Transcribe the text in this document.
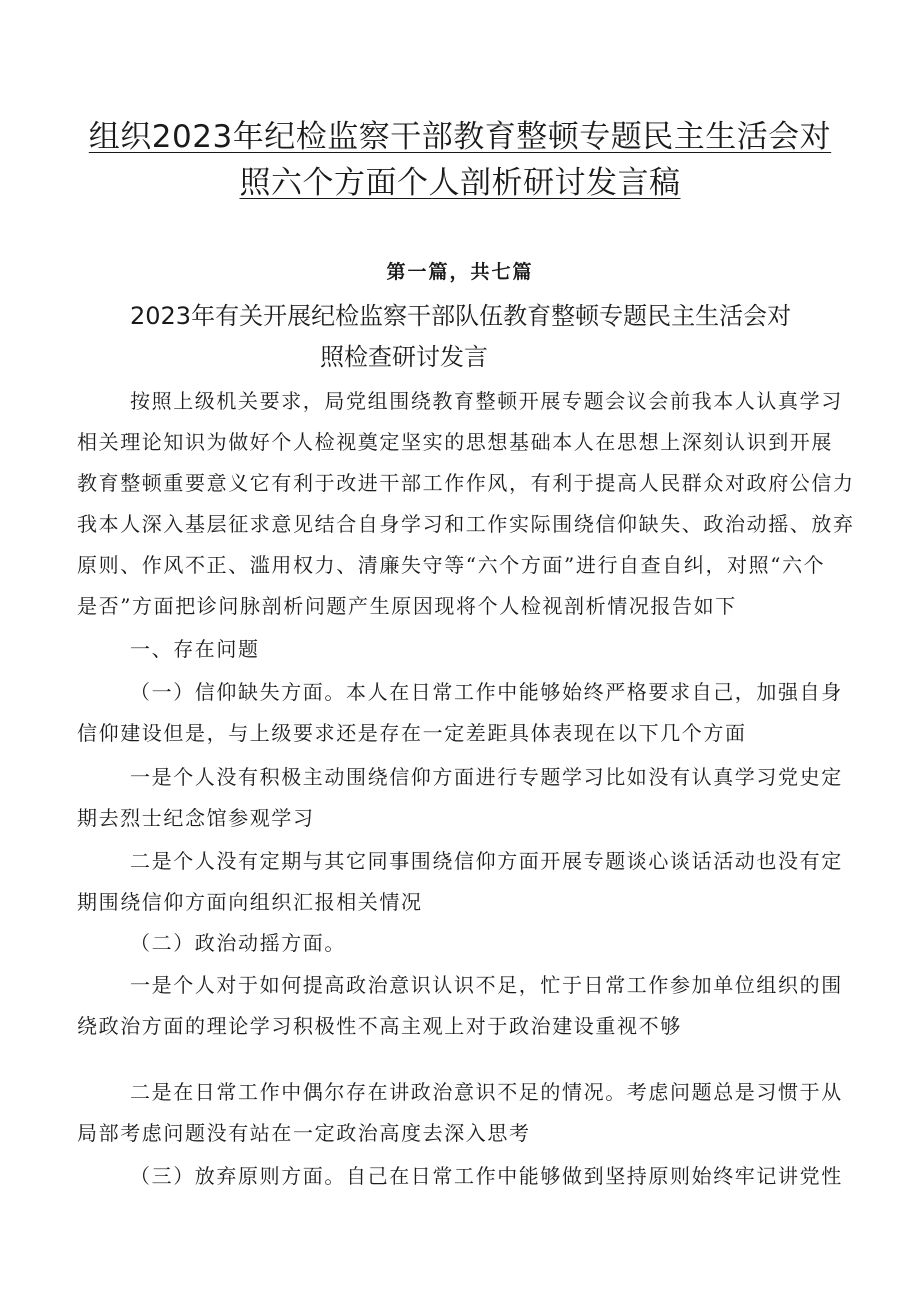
组织2023年纪检监察干部教育整顿专题民主生活会对
照六个方面个人剖析研讨发言稿
第一篇，共七篇
2023年有关开展纪检监察干部队伍教育整顿专题民主生活会对
照检查研讨发言
按照上级机关要求，局党组围绕教育整顿开展专题会议会前我本人认真学习
相关理论知识为做好个人检视奠定坚实的思想基础本人在思想上深刻认识到开展
教育整顿重要意义它有利于改进干部工作作风，有利于提高人民群众对政府公信力
我本人深入基层征求意见结合自身学习和工作实际围绕信仰缺失、政治动摇、放弃
原则、作风不正、滥用权力、清廉失守等“六个方面”进行自查自纠，对照“六个
是否”方面把诊问脉剖析问题产生原因现将个人检视剖析情况报告如下
一、存在问题
（一）信仰缺失方面。本人在日常工作中能够始终严格要求自己，加强自身
信仰建设但是，与上级要求还是存在一定差距具体表现在以下几个方面
一是个人没有积极主动围绕信仰方面进行专题学习比如没有认真学习党史定
期去烈士纪念馆参观学习
二是个人没有定期与其它同事围绕信仰方面开展专题谈心谈话活动也没有定
期围绕信仰方面向组织汇报相关情况
（二）政治动摇方面。
一是个人对于如何提高政治意识认识不足，忙于日常工作参加单位组织的围
绕政治方面的理论学习积极性不高主观上对于政治建设重视不够
二是在日常工作中偶尔存在讲政治意识不足的情况。考虑问题总是习惯于从
局部考虑问题没有站在一定政治高度去深入思考
（三）放弃原则方面。自己在日常工作中能够做到坚持原则始终牢记讲党性
